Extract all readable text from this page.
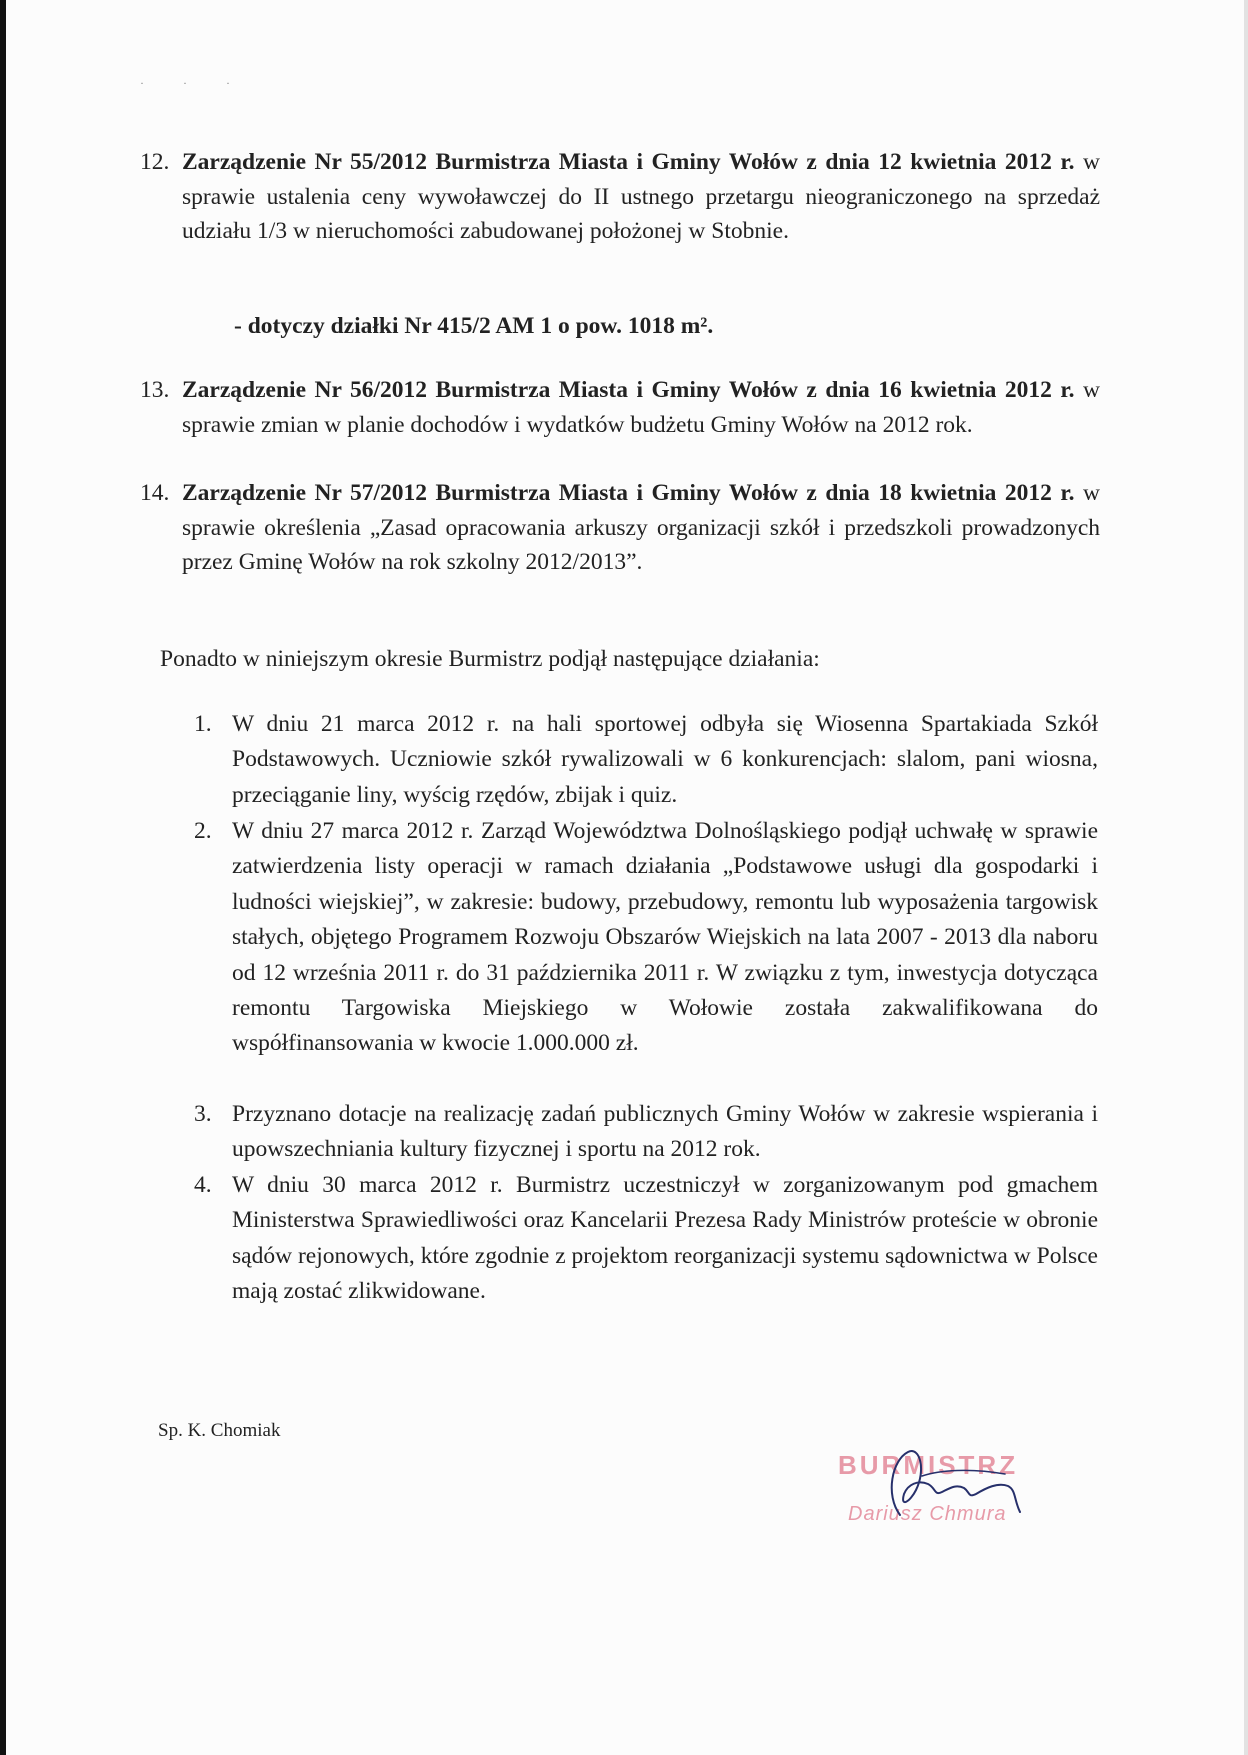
· · ·
12. Zarządzenie Nr 55/2012 Burmistrza Miasta i Gminy Wołów z dnia 12 kwietnia 2012 r. w sprawie ustalenia ceny wywoławczej do II ustnego przetargu nieograniczonego na sprzedaż udziału 1/3 w nieruchomości zabudowanej położonej w Stobnie.
- dotyczy działki Nr 415/2 AM 1 o pow. 1018 m².
13. Zarządzenie Nr 56/2012 Burmistrza Miasta i Gminy Wołów z dnia 16 kwietnia 2012 r. w sprawie zmian w planie dochodów i wydatków budżetu Gminy Wołów na 2012 rok.
14. Zarządzenie Nr 57/2012 Burmistrza Miasta i Gminy Wołów z dnia 18 kwietnia 2012 r. w sprawie określenia „Zasad opracowania arkuszy organizacji szkół i przedszkoli prowadzonych przez Gminę Wołów na rok szkolny 2012/2013”.
Ponadto w niniejszym okresie Burmistrz podjął następujące działania:
1. W dniu 21 marca 2012 r. na hali sportowej odbyła się Wiosenna Spartakiada Szkół Podstawowych. Uczniowie szkół rywalizowali w 6 konkurencjach: slalom, pani wiosna, przeciąganie liny, wyścig rzędów, zbijak i quiz.
2. W dniu 27 marca 2012 r. Zarząd Województwa Dolnośląskiego podjął uchwałę w sprawie zatwierdzenia listy operacji w ramach działania „Podstawowe usługi dla gospodarki i ludności wiejskiej”, w zakresie: budowy, przebudowy, remontu lub wyposażenia targowisk stałych, objętego Programem Rozwoju Obszarów Wiejskich na lata 2007 - 2013 dla naboru od 12 września 2011 r. do 31 października 2011 r. W związku z tym, inwestycja dotycząca remontu Targowiska Miejskiego w Wołowie została zakwalifikowana do współfinansowania w kwocie 1.000.000 zł.
3. Przyznano dotacje na realizację zadań publicznych Gminy Wołów w zakresie wspierania i upowszechniania kultury fizycznej i sportu na 2012 rok.
4. W dniu 30 marca 2012 r. Burmistrz uczestniczył w zorganizowanym pod gmachem Ministerstwa Sprawiedliwości oraz Kancelarii Prezesa Rady Ministrów proteście w obronie sądów rejonowych, które zgodnie z projektom reorganizacji systemu sądownictwa w Polsce mają zostać zlikwidowane.
Sp. K. Chomiak
BURMISTRZ
Dariusz Chmura
